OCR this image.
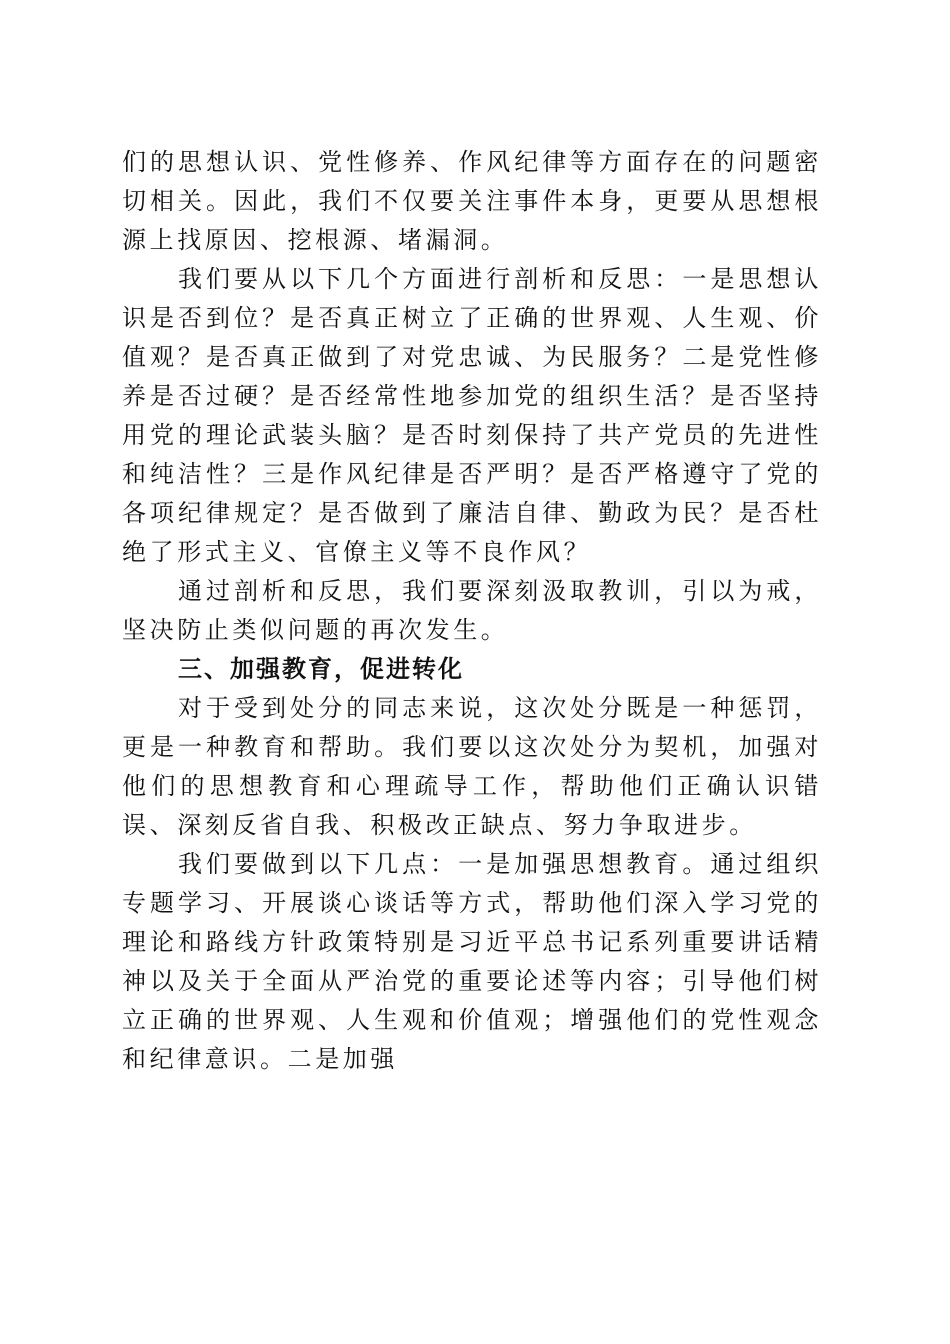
们的思想认识、党性修养、作风纪律等方面存在的问题密切相关。因此，我们不仅要关注事件本身，更要从思想根源上找原因、挖根源、堵漏洞。

我们要从以下几个方面进行剖析和反思：一是思想认识是否到位？是否真正树立了正确的世界观、人生观、价值观？是否真正做到了对党忠诚、为民服务？二是党性修养是否过硬？是否经常性地参加党的组织生活？是否坚持用党的理论武装头脑？是否时刻保持了共产党员的先进性和纯洁性？三是作风纪律是否严明？是否严格遵守了党的各项纪律规定？是否做到了廉洁自律、勤政为民？是否杜绝了形式主义、官僚主义等不良作风？

通过剖析和反思，我们要深刻汲取教训，引以为戒，坚决防止类似问题的再次发生。

三、加强教育，促进转化

对于受到处分的同志来说，这次处分既是一种惩罚，更是一种教育和帮助。我们要以这次处分为契机，加强对他们的思想教育和心理疏导工作，帮助他们正确认识错误、深刻反省自我、积极改正缺点、努力争取进步。

我们要做到以下几点：一是加强思想教育。通过组织专题学习、开展谈心谈话等方式，帮助他们深入学习党的理论和路线方针政策特别是习近平总书记系列重要讲话精神以及关于全面从严治党的重要论述等内容；引导他们树立正确的世界观、人生观和价值观；增强他们的党性观念和纪律意识。二是加强
